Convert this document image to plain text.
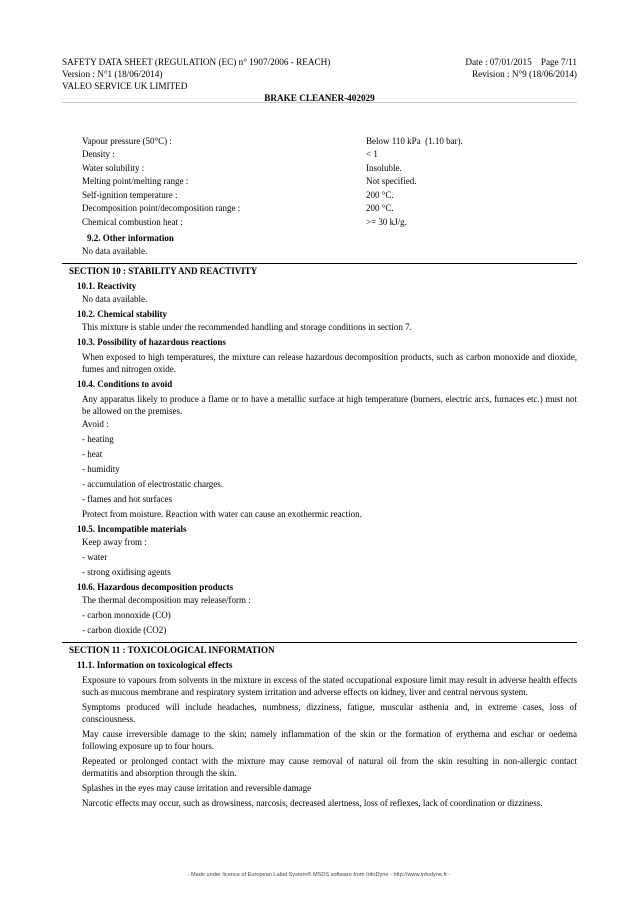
SAFETY DATA SHEET (REGULATION (EC) n° 1907/2006 - REACH)	Date : 07/01/2015    Page 7/11
Version : N°1 (18/06/2014)	Revision : N°9 (18/06/2014)
VALEO SERVICE UK LIMITED
BRAKE CLEANER-402029
Vapour pressure (50°C) :	Below 110 kPa  (1.10 bar).
Density :	< 1
Water solubility :	Insoluble.
Melting point/melting range :	Not specified.
Self-ignition temperature :	200 °C.
Decomposition point/decomposition range :	200 °C.
Chemical combustion heat :	>= 30 kJ/g.
9.2. Other information
No data available.
SECTION 10 : STABILITY AND REACTIVITY
10.1. Reactivity
No data available.
10.2. Chemical stability
This mixture is stable under the recommended handling and storage conditions in section 7.
10.3. Possibility of hazardous reactions
When exposed to high temperatures, the mixture can release hazardous decomposition products, such as carbon monoxide and dioxide, fumes and nitrogen oxide.
10.4. Conditions to avoid
Any apparatus likely to produce a flame or to have a metallic surface at high temperature (burners, electric arcs, furnaces etc.) must not be allowed on the premises.
Avoid :
- heating
- heat
- humidity
- accumulation of electrostatic charges.
- flames and hot surfaces
Protect from moisture. Reaction with water can cause an exothermic reaction.
10.5. Incompatible materials
Keep away from :
- water
- strong oxidising agents
10.6. Hazardous decomposition products
The thermal decomposition may release/form :
- carbon monoxide (CO)
- carbon dioxide (CO2)
SECTION 11 : TOXICOLOGICAL INFORMATION
11.1. Information on toxicological effects
Exposure to vapours from solvents in the mixture in excess of the stated occupational exposure limit may result in adverse health effects such as mucous membrane and respiratory system irritation and adverse effects on kidney, liver and central nervous system.
Symptoms produced will include headaches, numbness, dizziness, fatigue, muscular asthenia and, in extreme cases, loss of consciousness.
May cause irreversible damage to the skin; namely inflammation of the skin or the formation of erythema and eschar or oedema following exposure up to four hours.
Repeated or prolonged contact with the mixture may cause removal of natural oil from the skin resulting in non-allergic contact dermatitis and absorption through the skin.
Splashes in the eyes may cause irritation and reversible damage
Narcotic effects may occur, such as drowsiness, narcosis, decreased alertness, loss of reflexes, lack of coordination or dizziness.
- Made under licence of European Label System® MSDS software from InfoDyne - http://www.infodyne.fr -
